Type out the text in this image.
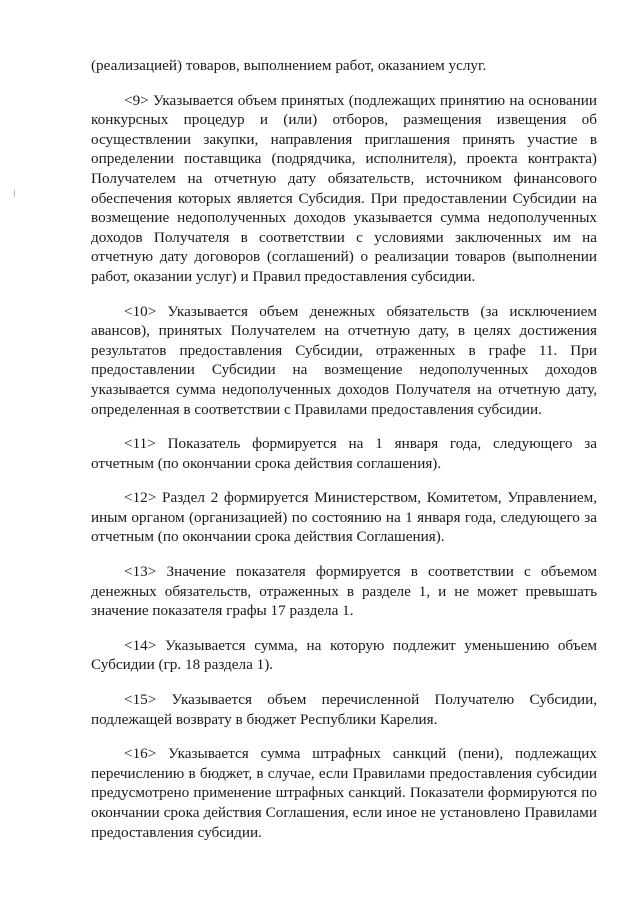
(реализацией) товаров, выполнением работ, оказанием услуг.

<9> Указывается объем принятых (подлежащих принятию на основании конкурсных процедур и (или) отборов, размещения извещения об осуществлении закупки, направления приглашения принять участие в определении поставщика (подрядчика, исполнителя), проекта контракта) Получателем на отчетную дату обязательств, источником финансового обеспечения которых является Субсидия. При предоставлении Субсидии на возмещение недополученных доходов указывается сумма недополученных доходов Получателя в соответствии с условиями заключенных им на отчетную дату договоров (соглашений) о реализации товаров (выполнении работ, оказании услуг) и Правил предоставления субсидии.

<10> Указывается объем денежных обязательств (за исключением авансов), принятых Получателем на отчетную дату, в целях достижения результатов предоставления Субсидии, отраженных в графе 11. При предоставлении Субсидии на возмещение недополученных доходов указывается сумма недополученных доходов Получателя на отчетную дату, определенная в соответствии с Правилами предоставления субсидии.

<11> Показатель формируется на 1 января года, следующего за отчетным (по окончании срока действия соглашения).

<12> Раздел 2 формируется Министерством, Комитетом, Управлением, иным органом (организацией) по состоянию на 1 января года, следующего за отчетным (по окончании срока действия Соглашения).

<13> Значение показателя формируется в соответствии с объемом денежных обязательств, отраженных в разделе 1, и не может превышать значение показателя графы 17 раздела 1.

<14> Указывается сумма, на которую подлежит уменьшению объем Субсидии (гр. 18 раздела 1).

<15> Указывается объем перечисленной Получателю Субсидии, подлежащей возврату в бюджет Республики Карелия.

<16> Указывается сумма штрафных санкций (пени), подлежащих перечислению в бюджет, в случае, если Правилами предоставления субсидии предусмотрено применение штрафных санкций. Показатели формируются по окончании срока действия Соглашения, если иное не установлено Правилами предоставления субсидии.
